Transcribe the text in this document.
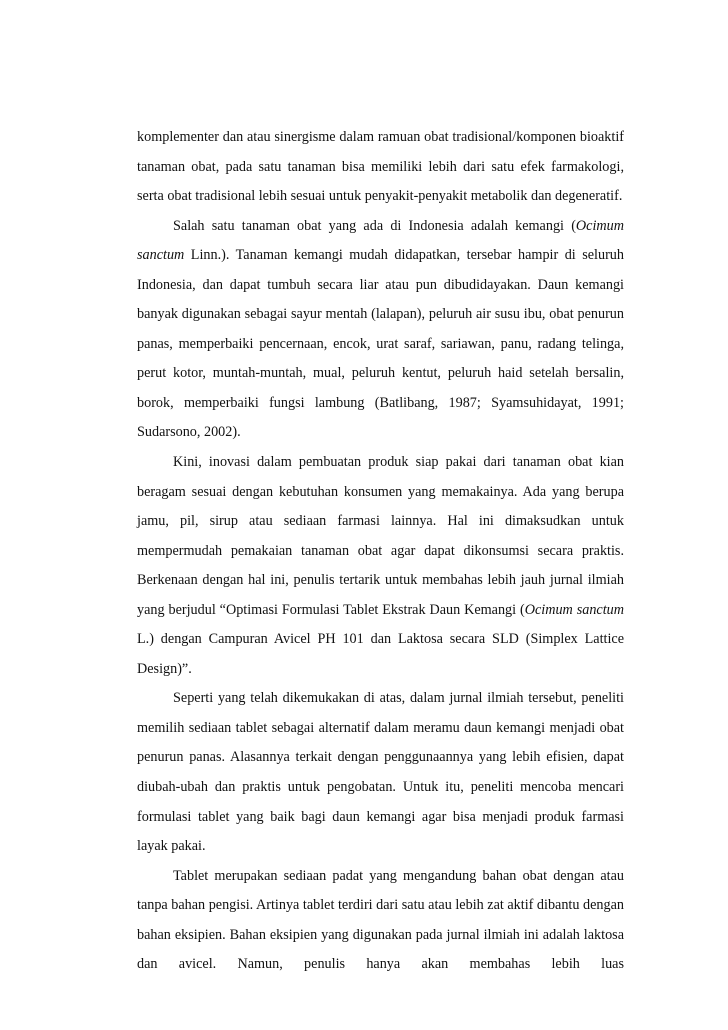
komplementer dan atau sinergisme dalam ramuan obat tradisional/komponen bioaktif tanaman obat, pada satu tanaman bisa memiliki lebih dari satu efek farmakologi, serta obat tradisional lebih sesuai untuk penyakit-penyakit metabolik dan degeneratif.

Salah satu tanaman obat yang ada di Indonesia adalah kemangi (Ocimum sanctum Linn.). Tanaman kemangi mudah didapatkan, tersebar hampir di seluruh Indonesia, dan dapat tumbuh secara liar atau pun dibudidayakan. Daun kemangi banyak digunakan sebagai sayur mentah (lalapan), peluruh air susu ibu, obat penurun panas, memperbaiki pencernaan, encok, urat saraf, sariawan, panu, radang telinga, perut kotor, muntah-muntah, mual, peluruh kentut, peluruh haid setelah bersalin, borok, memperbaiki fungsi lambung (Batlibang, 1987; Syamsuhidayat, 1991; Sudarsono, 2002).

Kini, inovasi dalam pembuatan produk siap pakai dari tanaman obat kian beragam sesuai dengan kebutuhan konsumen yang memakainya. Ada yang berupa jamu, pil, sirup atau sediaan farmasi lainnya. Hal ini dimaksudkan untuk mempermudah pemakaian tanaman obat agar dapat dikonsumsi secara praktis. Berkenaan dengan hal ini, penulis tertarik untuk membahas lebih jauh jurnal ilmiah yang berjudul “Optimasi Formulasi Tablet Ekstrak Daun Kemangi (Ocimum sanctum L.) dengan Campuran Avicel PH 101 dan Laktosa secara SLD (Simplex Lattice Design)”.

Seperti yang telah dikemukakan di atas, dalam jurnal ilmiah tersebut, peneliti memilih sediaan tablet sebagai alternatif dalam meramu daun kemangi menjadi obat penurun panas. Alasannya terkait dengan penggunaannya yang lebih efisien, dapat diubah-ubah dan praktis untuk pengobatan. Untuk itu, peneliti mencoba mencari formulasi tablet yang baik bagi daun kemangi agar bisa menjadi produk farmasi layak pakai.

Tablet merupakan sediaan padat yang mengandung bahan obat dengan atau tanpa bahan pengisi. Artinya tablet terdiri dari satu atau lebih zat aktif dibantu dengan bahan eksipien. Bahan eksipien yang digunakan pada jurnal ilmiah ini adalah laktosa dan avicel. Namun, penulis hanya akan membahas lebih luas
